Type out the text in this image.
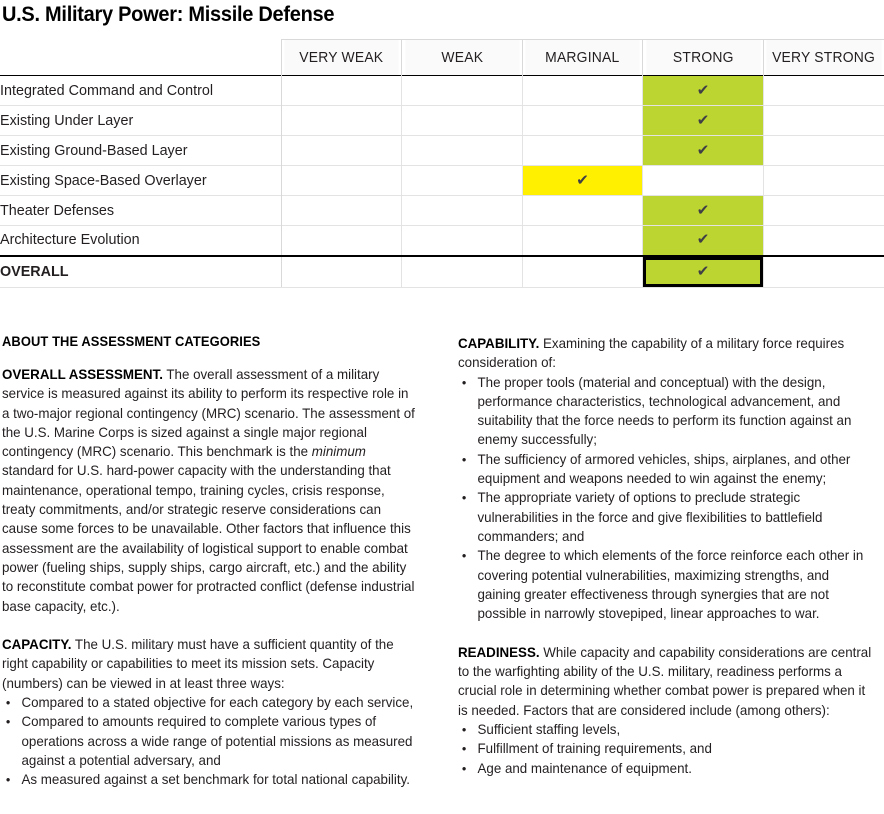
U.S. Military Power: Missile Defense
	VERY WEAK	WEAK	MARGINAL	STRONG	VERY STRONG
Integrated Command and Control				✔	
Existing Under Layer				✔	
Existing Ground-Based Layer				✔	
Existing Space-Based Overlayer			✔		
Theater Defenses				✔	
Architecture Evolution				✔	
OVERALL				✔	
ABOUT THE ASSESSMENT CATEGORIES

OVERALL ASSESSMENT. The overall assessment of a military service is measured against its ability to perform its respective role in a two-major regional contingency (MRC) scenario. The assessment of the U.S. Marine Corps is sized against a single major regional contingency (MRC) scenario. This benchmark is the minimum standard for U.S. hard-power capacity with the understanding that maintenance, operational tempo, training cycles, crisis response, treaty commitments, and/or strategic reserve considerations can cause some forces to be unavailable. Other factors that influence this assessment are the availability of logistical support to enable combat power (fueling ships, supply ships, cargo aircraft, etc.) and the ability to reconstitute combat power for protracted conflict (defense industrial base capacity, etc.).

CAPACITY. The U.S. military must have a sufficient quantity of the right capability or capabilities to meet its mission sets. Capacity (numbers) can be viewed in at least three ways:

• Compared to a stated objective for each category by each service,
• Compared to amounts required to complete various types of operations across a wide range of potential missions as measured against a potential adversary, and
• As measured against a set benchmark for total national capability.

CAPABILITY. Examining the capability of a military force requires consideration of:

• The proper tools (material and conceptual) with the design, performance characteristics, technological advancement, and suitability that the force needs to perform its function against an enemy successfully;
• The sufficiency of armored vehicles, ships, airplanes, and other equipment and weapons needed to win against the enemy;
• The appropriate variety of options to preclude strategic vulnerabilities in the force and give flexibilities to battlefield commanders; and
• The degree to which elements of the force reinforce each other in covering potential vulnerabilities, maximizing strengths, and gaining greater effectiveness through synergies that are not possible in narrowly stovepiped, linear approaches to war.

READINESS. While capacity and capability considerations are central to the warfighting ability of the U.S. military, readiness performs a crucial role in determining whether combat power is prepared when it is needed. Factors that are considered include (among others):

• Sufficient staffing levels,
• Fulfillment of training requirements, and
• Age and maintenance of equipment.
